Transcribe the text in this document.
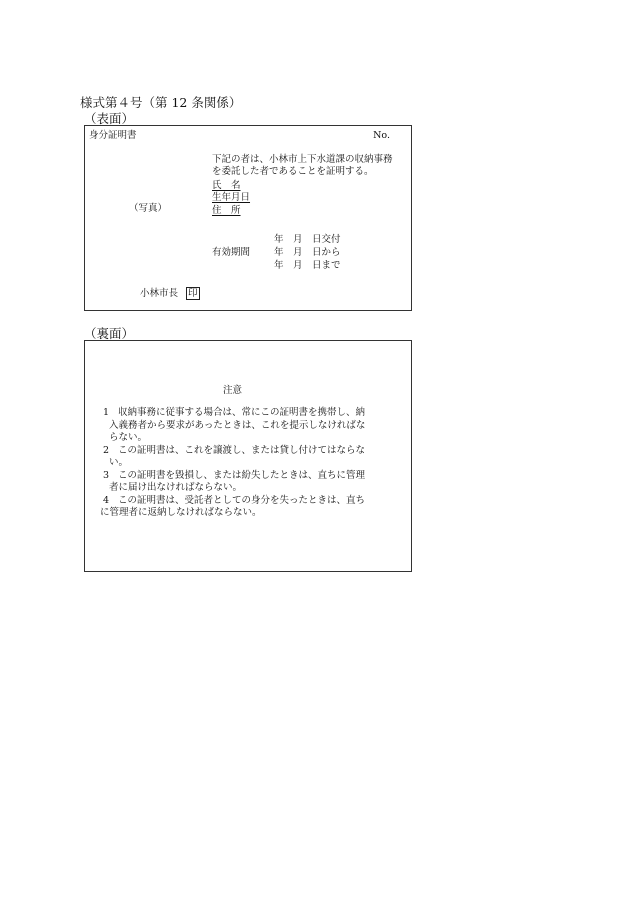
様式第４号（第 12 条関係）
（表面）
身分証明書	No.
下記の者は、小林市上下水道課の収納事務
を委託した者であることを証明する。
氏　名
生年月日
住　所
（写真）
年　月　日交付
有効期間	年　月　日から
年　月　日まで
小林市長 印
（裏面）
注意

1 収納事務に従事する場合は、常にこの証明書を携帯し、納

入義務者から要求があったときは、これを提示しなければな

らない。

2 この証明書は、これを譲渡し、または貸し付けてはならな

い。

3 この証明書を毀損し、または紛失したときは、直ちに管理

者に届け出なければならない。

4 この証明書は、受託者としての身分を失ったときは、直ち

に管理者に返納しなければならない。
